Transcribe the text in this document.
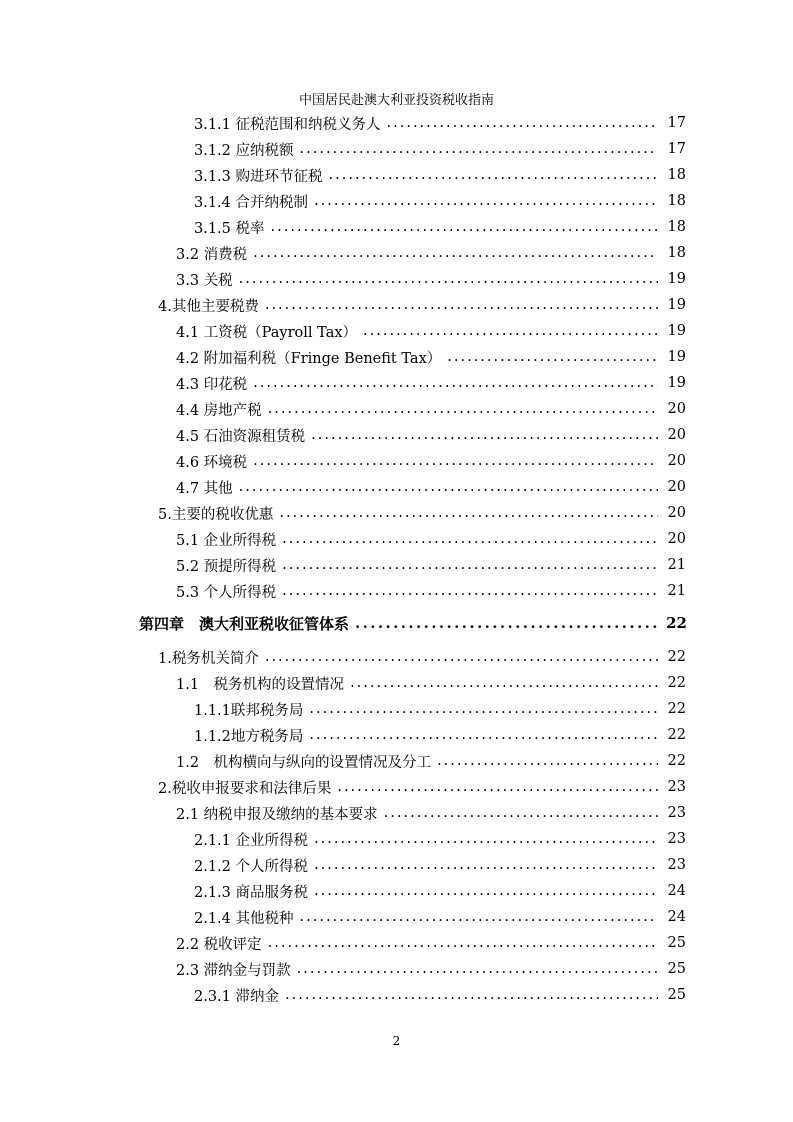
中国居民赴澳大利亚投资税收指南
3.1.1 征税范围和纳税义务人 .....	17
3.1.2 应纳税额 .....	17
3.1.3 购进环节征税 .....	18
3.1.4 合并纳税制 .....	18
3.1.5 税率 .....	18
3.2 消费税 .....	18
3.3 关税 .....	19
4.其他主要税费 .....	19
4.1 工资税（Payroll Tax） .....	19
4.2 附加福利税（Fringe Benefit Tax） .....	19
4.3 印花税 .....	19
4.4 房地产税 .....	20
4.5 石油资源租赁税 .....	20
4.6 环境税 .....	20
4.7 其他 .....	20
5.主要的税收优惠 .....	20
5.1 企业所得税 .....	20
5.2 预提所得税 .....	21
5.3 个人所得税 .....	21
第四章　澳大利亚税收征管体系 .....	22
1.税务机关简介 .....	22
1.1　税务机构的设置情况 .....	22
1.1.1联邦税务局 .....	22
1.1.2地方税务局 .....	22
1.2　机构横向与纵向的设置情况及分工 .....	22
2.税收申报要求和法律后果 .....	23
2.1 纳税申报及缴纳的基本要求 .....	23
2.1.1 企业所得税 .....	23
2.1.2 个人所得税 .....	23
2.1.3 商品服务税 .....	24
2.1.4 其他税种 .....	24
2.2 税收评定 .....	25
2.3 滞纳金与罚款 .....	25
2.3.1 滞纳金 .....	25
2
